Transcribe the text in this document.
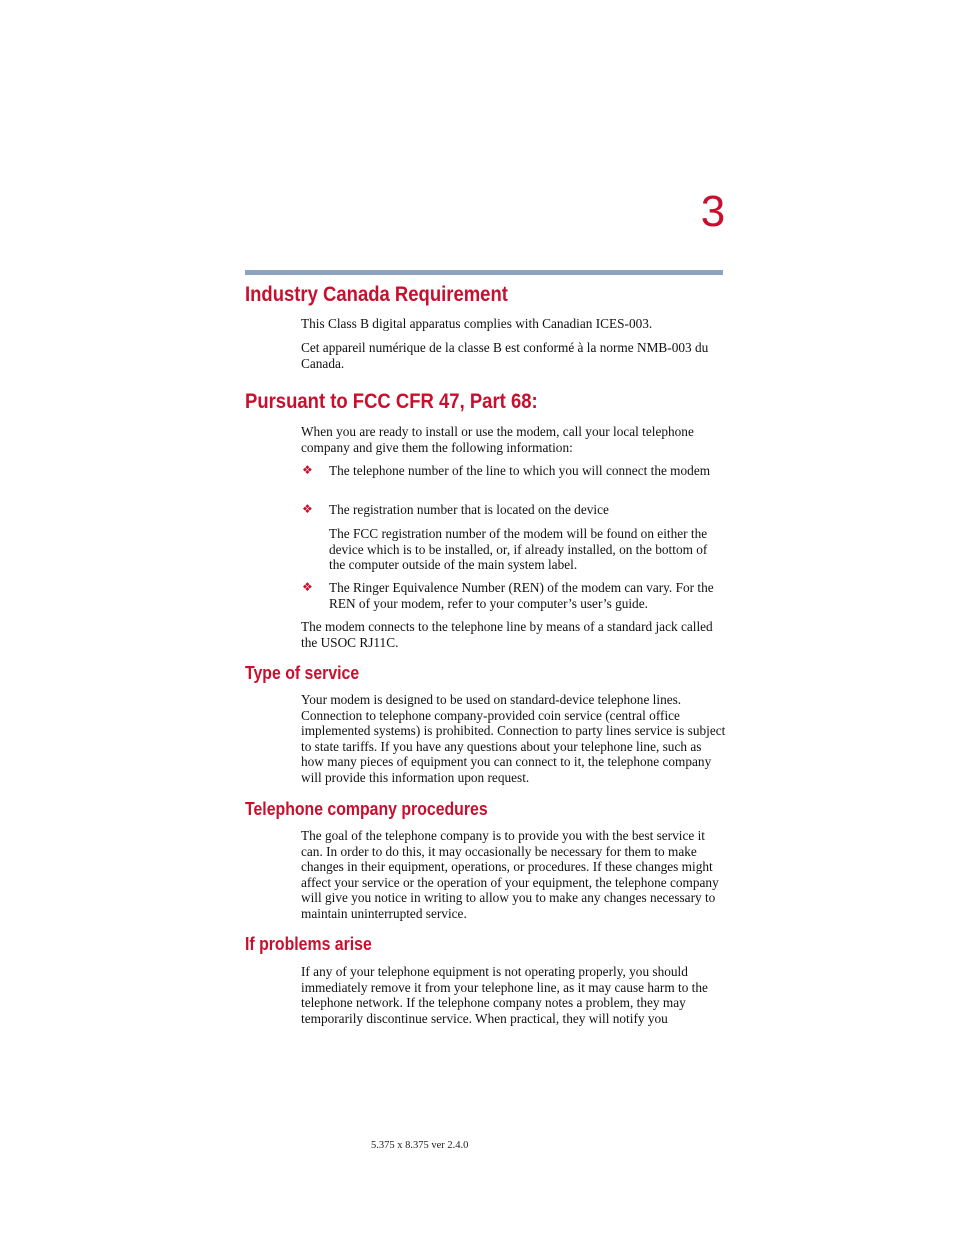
3
Industry Canada Requirement

This Class B digital apparatus complies with Canadian ICES-003.

Cet appareil numérique de la classe B est conformé à la norme NMB-003 du Canada.

Pursuant to FCC CFR 47, Part 68:

When you are ready to install or use the modem, call your local telephone company and give them the following information:

❖ The telephone number of the line to which you will connect the modem

❖ The registration number that is located on the device

The FCC registration number of the modem will be found on either the device which is to be installed, or, if already installed, on the bottom of the computer outside of the main system label.

❖ The Ringer Equivalence Number (REN) of the modem can vary. For the REN of your modem, refer to your computer’s user’s guide.

The modem connects to the telephone line by means of a standard jack called the USOC RJ11C.

Type of service

Your modem is designed to be used on standard-device telephone lines. Connection to telephone company-provided coin service (central office implemented systems) is prohibited. Connection to party lines service is subject to state tariffs. If you have any questions about your telephone line, such as how many pieces of equipment you can connect to it, the telephone company will provide this information upon request.

Telephone company procedures

The goal of the telephone company is to provide you with the best service it can. In order to do this, it may occasionally be necessary for them to make changes in their equipment, operations, or procedures. If these changes might affect your service or the operation of your equipment, the telephone company will give you notice in writing to allow you to make any changes necessary to maintain uninterrupted service.

If problems arise

If any of your telephone equipment is not operating properly, you should immediately remove it from your telephone line, as it may cause harm to the telephone network. If the telephone company notes a problem, they may temporarily discontinue service. When practical, they will notify you

5.375 x 8.375 ver 2.4.0
